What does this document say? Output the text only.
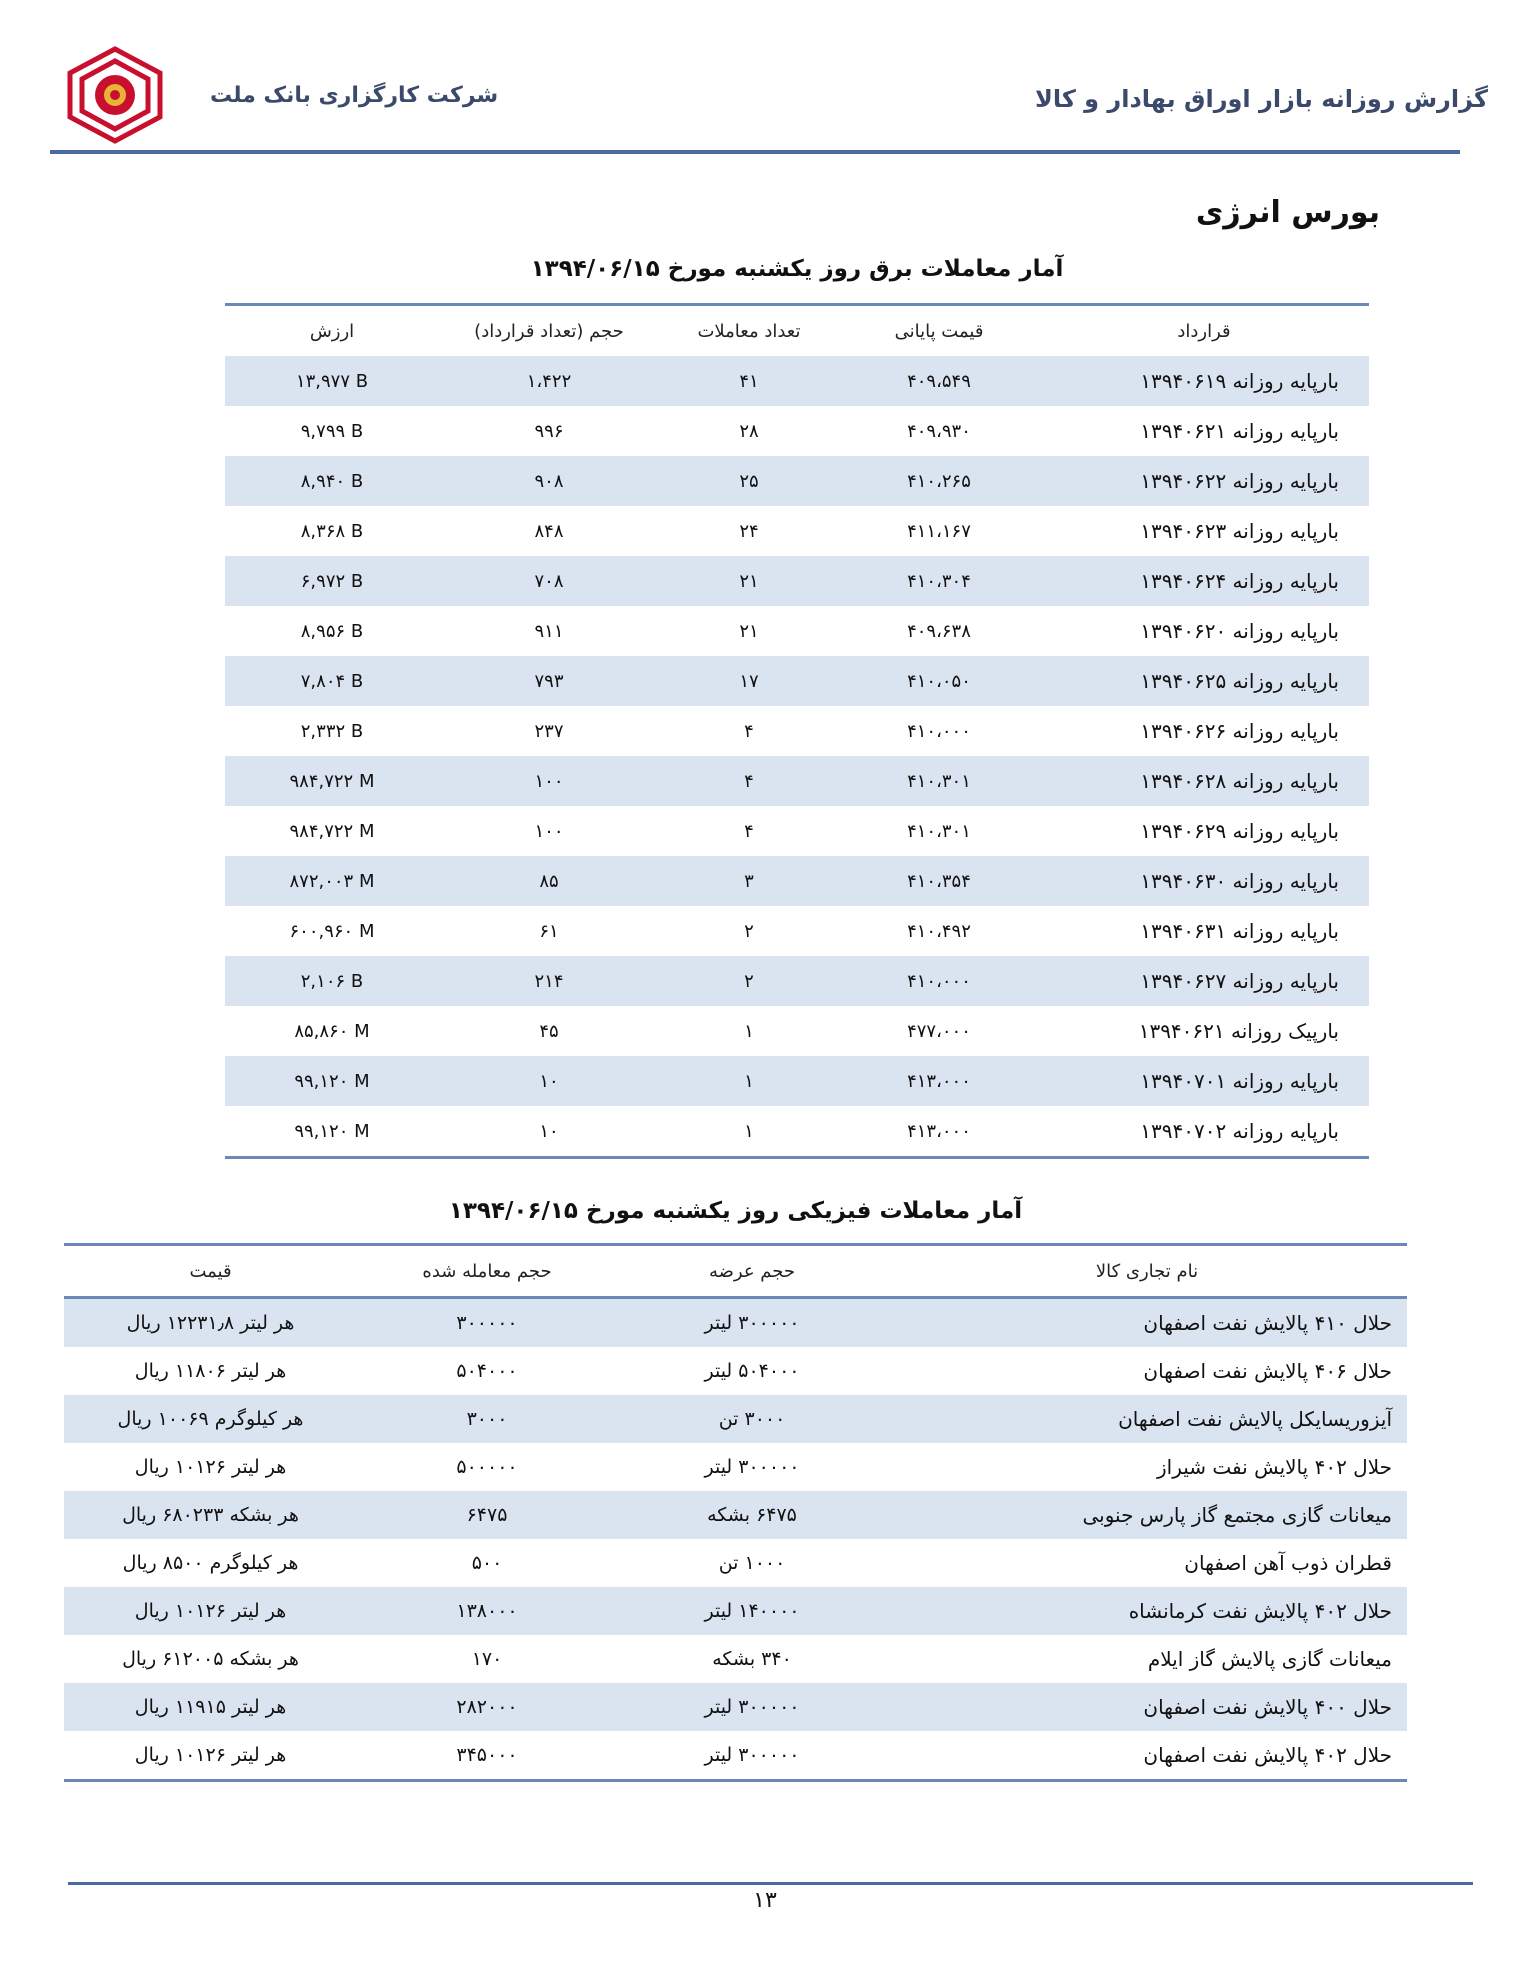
شرکت کارگزاری بانک ملت	گزارش روزانه بازار اوراق بهادار و کالا
بورس انرژی
آمار معاملات برق روز یکشنبه مورخ ۱۳۹۴/۰۶/۱۵
قرارداد	قیمت پایانی	تعداد معاملات	حجم (تعداد قرارداد)	ارزش
بارپایه روزانه ۱۳۹۴۰۶۱۹	۴۰۹،۵۴۹	۴۱	۱،۴۲۲	۱۳,۹۷۷ B
بارپایه روزانه ۱۳۹۴۰۶۲۱	۴۰۹،۹۳۰	۲۸	۹۹۶	۹,۷۹۹ B
بارپایه روزانه ۱۳۹۴۰۶۲۲	۴۱۰،۲۶۵	۲۵	۹۰۸	۸,۹۴۰ B
بارپایه روزانه ۱۳۹۴۰۶۲۳	۴۱۱،۱۶۷	۲۴	۸۴۸	۸,۳۶۸ B
بارپایه روزانه ۱۳۹۴۰۶۲۴	۴۱۰،۳۰۴	۲۱	۷۰۸	۶,۹۷۲ B
بارپایه روزانه ۱۳۹۴۰۶۲۰	۴۰۹،۶۳۸	۲۱	۹۱۱	۸,۹۵۶ B
بارپایه روزانه ۱۳۹۴۰۶۲۵	۴۱۰،۰۵۰	۱۷	۷۹۳	۷,۸۰۴ B
بارپایه روزانه ۱۳۹۴۰۶۲۶	۴۱۰،۰۰۰	۴	۲۳۷	۲,۳۳۲ B
بارپایه روزانه ۱۳۹۴۰۶۲۸	۴۱۰،۳۰۱	۴	۱۰۰	۹۸۴,۷۲۲ M
بارپایه روزانه ۱۳۹۴۰۶۲۹	۴۱۰،۳۰۱	۴	۱۰۰	۹۸۴,۷۲۲ M
بارپایه روزانه ۱۳۹۴۰۶۳۰	۴۱۰،۳۵۴	۳	۸۵	۸۷۲,۰۰۳ M
بارپایه روزانه ۱۳۹۴۰۶۳۱	۴۱۰،۴۹۲	۲	۶۱	۶۰۰,۹۶۰ M
بارپایه روزانه ۱۳۹۴۰۶۲۷	۴۱۰،۰۰۰	۲	۲۱۴	۲,۱۰۶ B
بارپیک روزانه ۱۳۹۴۰۶۲۱	۴۷۷،۰۰۰	۱	۴۵	۸۵,۸۶۰ M
بارپایه روزانه ۱۳۹۴۰۷۰۱	۴۱۳،۰۰۰	۱	۱۰	۹۹,۱۲۰ M
بارپایه روزانه ۱۳۹۴۰۷۰۲	۴۱۳،۰۰۰	۱	۱۰	۹۹,۱۲۰ M
آمار معاملات فیزیکی روز یکشنبه مورخ ۱۳۹۴/۰۶/۱۵
نام تجاری کالا	حجم عرضه	حجم معامله شده	قیمت
حلال ۴۱۰ پالایش نفت اصفهان	۳۰۰۰۰۰ لیتر	۳۰۰۰۰۰	هر لیتر ۱۲۲۳۱٫۸ ریال
حلال ۴۰۶ پالایش نفت اصفهان	۵۰۴۰۰۰ لیتر	۵۰۴۰۰۰	هر لیتر ۱۱۸۰۶ ریال
آیزوریسایکل پالایش نفت اصفهان	۳۰۰۰ تن	۳۰۰۰	هر کیلوگرم ۱۰۰۶۹ ریال
حلال ۴۰۲ پالایش نفت شیراز	۳۰۰۰۰۰ لیتر	۵۰۰۰۰۰	هر لیتر ۱۰۱۲۶ ریال
میعانات گازی مجتمع گاز پارس جنوبی	۶۴۷۵ بشکه	۶۴۷۵	هر بشکه ۶۸۰۲۳۳ ریال
قطران ذوب آهن اصفهان	۱۰۰۰ تن	۵۰۰	هر کیلوگرم ۸۵۰۰ ریال
حلال ۴۰۲ پالایش نفت کرمانشاه	۱۴۰۰۰۰ لیتر	۱۳۸۰۰۰	هر لیتر ۱۰۱۲۶ ریال
میعانات گازی پالایش گاز ایلام	۳۴۰ بشکه	۱۷۰	هر بشکه ۶۱۲۰۰۵ ریال
حلال ۴۰۰ پالایش نفت اصفهان	۳۰۰۰۰۰ لیتر	۲۸۲۰۰۰	هر لیتر ۱۱۹۱۵ ریال
حلال ۴۰۲ پالایش نفت اصفهان	۳۰۰۰۰۰ لیتر	۳۴۵۰۰۰	هر لیتر ۱۰۱۲۶ ریال
۱۳
